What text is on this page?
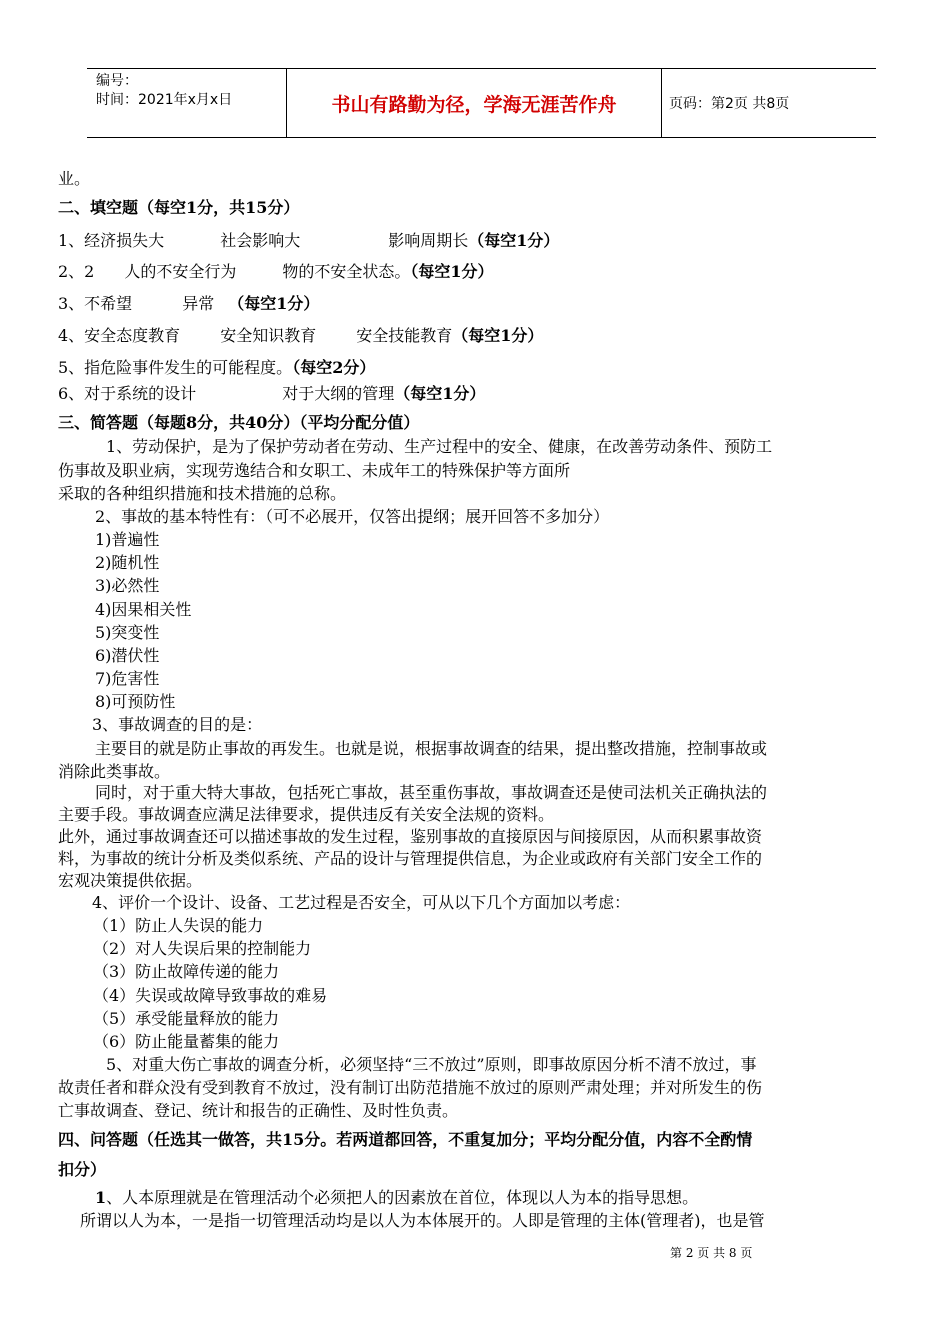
编号：
时间：2021年x月x日	书山有路勤为径，学海无涯苦作舟	页码：第2页 共8页
业。
二、填空题（每空1分，共15分）
1、经济损失大	社会影响大	影响周期长（每空1分）
2、2 人的不安全行为	物的不安全状态。（每空1分）
3、不希望	异常 （每空1分）
4、安全态度教育	安全知识教育	安全技能教育（每空1分）
5、指危险事件发生的可能程度。（每空2分）
6、对于系统的设计	对于大纲的管理（每空1分）
三、简答题（每题8分，共40分）（平均分配分值）
1、劳动保护，是为了保护劳动者在劳动、生产过程中的安全、健康，在改善劳动条件、预防工
伤事故及职业病，实现劳逸结合和女职工、未成年工的特殊保护等方面所
采取的各种组织措施和技术措施的总称。
2、事故的基本特性有：（可不必展开，仅答出提纲；展开回答不多加分）
1)普遍性
2)随机性
3)必然性
4)因果相关性
5)突变性
6)潜伏性
7)危害性
8)可预防性
3、事故调查的目的是：
主要目的就是防止事故的再发生。也就是说，根据事故调查的结果，提出整改措施，控制事故或
消除此类事故。
同时，对于重大特大事故，包括死亡事故，甚至重伤事故，事故调查还是使司法机关正确执法的
主要手段。事故调查应满足法律要求，提供违反有关安全法规的资料。
此外，通过事故调查还可以描述事故的发生过程，鉴别事故的直接原因与间接原因，从而积累事故资
料，为事故的统计分析及类似系统、产品的设计与管理提供信息，为企业或政府有关部门安全工作的
宏观决策提供依据。
4、评价一个设计、设备、工艺过程是否安全，可从以下几个方面加以考虑：
（1）防止人失误的能力
（2）对人失误后果的控制能力
（3）防止故障传递的能力
（4）失误或故障导致事故的难易
（5）承受能量释放的能力
（6）防止能量蓄集的能力
5、对重大伤亡事故的调查分析，必须坚持“三不放过”原则，即事故原因分析不清不放过，事
故责任者和群众没有受到教育不放过，没有制订出防范措施不放过的原则严肃处理；并对所发生的伤
亡事故调查、登记、统计和报告的正确性、及时性负责。
四、问答题（任选其一做答，共15分。若两道都回答，不重复加分；平均分配分值，内容不全酌情
扣分）
1、人本原理就是在管理活动个必须把人的因素放在首位，体现以人为本的指导思想。
所谓以人为本，一是指一切管理活动均是以人为本体展开的。人即是管理的主体(管理者)，也是管
第 2 页 共 8 页
